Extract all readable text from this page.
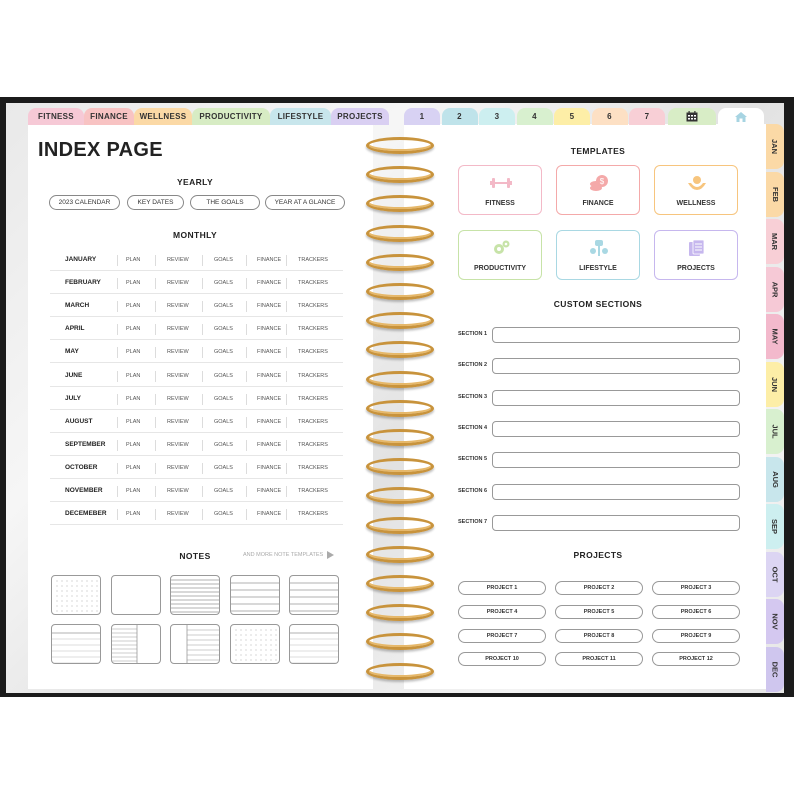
FITNESS	FINANCE	WELLNESS	PRODUCTIVITY	LIFESTYLE	PROJECTS	1	2	3	4	5	6	7
JAN
FEB
MAR
APR
MAY
JUN
JUL
AUG
SEP
OCT
NOV
DEC
INDEX PAGE
YEARLY
2023 CALENDAR	KEY DATES	THE GOALS	YEAR AT A GLANCE
MONTHLY
JANUARY	PLAN	REVIEW	GOALS	FINANCE	TRACKERS
FEBRUARY	PLAN	REVIEW	GOALS	FINANCE	TRACKERS
MARCH	PLAN	REVIEW	GOALS	FINANCE	TRACKERS
APRIL	PLAN	REVIEW	GOALS	FINANCE	TRACKERS
MAY	PLAN	REVIEW	GOALS	FINANCE	TRACKERS
JUNE	PLAN	REVIEW	GOALS	FINANCE	TRACKERS
JULY	PLAN	REVIEW	GOALS	FINANCE	TRACKERS
AUGUST	PLAN	REVIEW	GOALS	FINANCE	TRACKERS
SEPTEMBER	PLAN	REVIEW	GOALS	FINANCE	TRACKERS
OCTOBER	PLAN	REVIEW	GOALS	FINANCE	TRACKERS
NOVEMBER	PLAN	REVIEW	GOALS	FINANCE	TRACKERS
DECEMEBER	PLAN	REVIEW	GOALS	FINANCE	TRACKERS
NOTES	AND MORE NOTE TEMPLATES
TEMPLATES
FITNESS
$
FINANCE	WELLNESS
PRODUCTIVITY	LIFESTYLE	PROJECTS
CUSTOM SECTIONS
SECTION 1
SECTION 2
SECTION 3
SECTION 4
SECTION 5
SECTION 6
SECTION 7
PROJECTS
PROJECT 1	PROJECT 2	PROJECT 3
PROJECT 4	PROJECT 5	PROJECT 6
PROJECT 7	PROJECT 8	PROJECT 9
PROJECT 10	PROJECT 11	PROJECT 12
